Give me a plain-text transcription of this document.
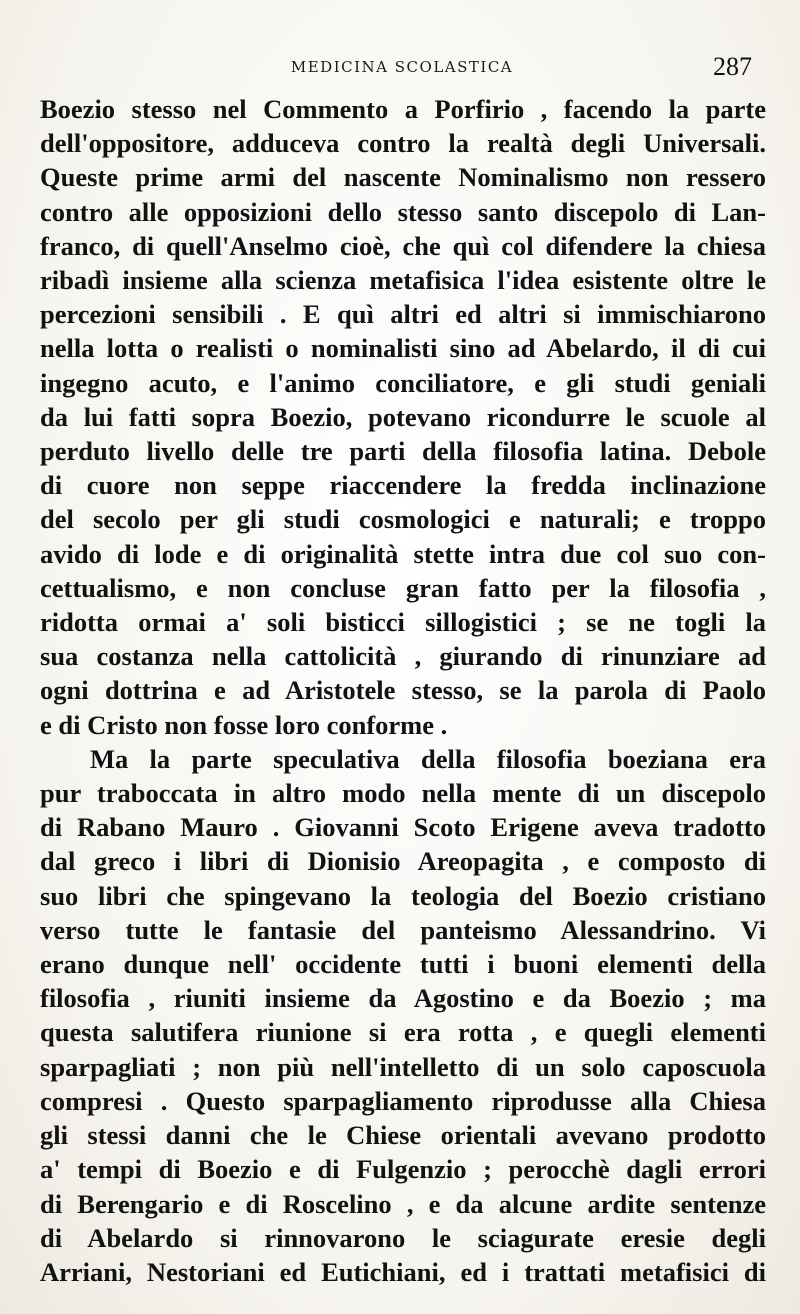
MEDICINA SCOLASTICA	287
Boezio stesso nel Commento a Porfirio , facendo la parte
dell'oppositore, adduceva contro la realtà degli Universali.
Queste prime armi del nascente Nominalismo non ressero
contro alle opposizioni dello stesso santo discepolo di Lan-
franco, di quell'Anselmo cioè, che quì col difendere la chiesa
ribadì insieme alla scienza metafisica l'idea esistente oltre le
percezioni sensibili . E quì altri ed altri si immischiarono
nella lotta o realisti o nominalisti sino ad Abelardo, il di cui
ingegno acuto, e l'animo conciliatore, e gli studi geniali
da lui fatti sopra Boezio, potevano ricondurre le scuole al
perduto livello delle tre parti della filosofia latina. Debole
di cuore non seppe riaccendere la fredda inclinazione
del secolo per gli studi cosmologici e naturali; e troppo
avido di lode e di originalità stette intra due col suo con-
cettualismo, e non concluse gran fatto per la filosofia ,
ridotta ormai a' soli bisticci sillogistici ; se ne togli la
sua costanza nella cattolicità , giurando di rinunziare ad
ogni dottrina e ad Aristotele stesso, se la parola di Paolo
e di Cristo non fosse loro conforme .
Ma la parte speculativa della filosofia boeziana era
pur traboccata in altro modo nella mente di un discepolo
di Rabano Mauro . Giovanni Scoto Erigene aveva tradotto
dal greco i libri di Dionisio Areopagita , e composto di
suo libri che spingevano la teologia del Boezio cristiano
verso tutte le fantasie del panteismo Alessandrino. Vi
erano dunque nell' occidente tutti i buoni elementi della
filosofia , riuniti insieme da Agostino e da Boezio ; ma
questa salutifera riunione si era rotta , e quegli elementi
sparpagliati ; non più nell'intelletto di un solo caposcuola
compresi . Questo sparpagliamento riprodusse alla Chiesa
gli stessi danni che le Chiese orientali avevano prodotto
a' tempi di Boezio e di Fulgenzio ; perocchè dagli errori
di Berengario e di Roscelino , e da alcune ardite sentenze
di Abelardo si rinnovarono le sciagurate eresie degli
Arriani, Nestoriani ed Eutichiani, ed i trattati metafisici di
